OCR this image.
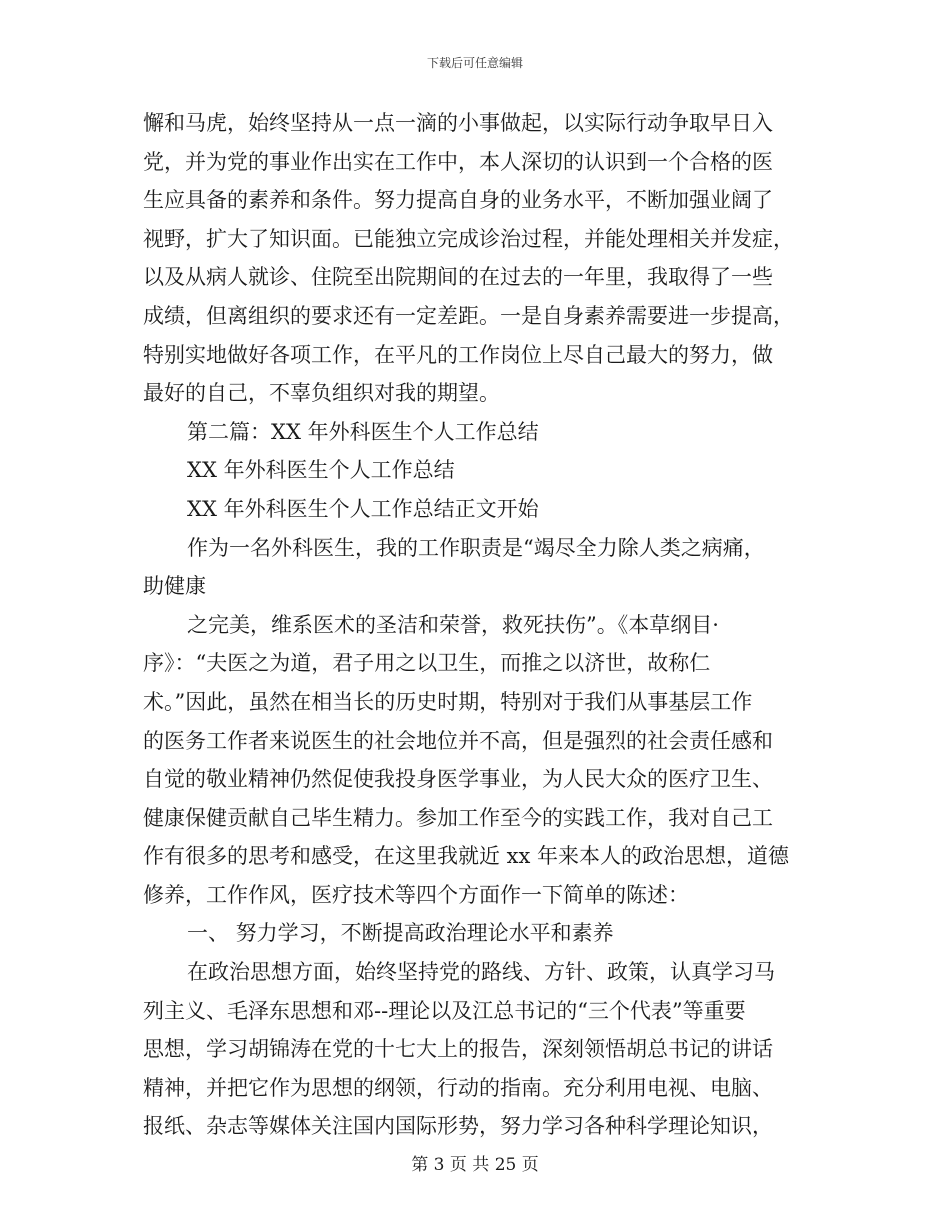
下载后可任意编辑
懈和马虎，始终坚持从一点一滴的小事做起，以实际行动争取早日入
党，并为党的事业作出实在工作中，本人深切的认识到一个合格的医
生应具备的素养和条件。努力提高自身的业务水平，不断加强业阔了
视野，扩大了知识面。已能独立完成诊治过程，并能处理相关并发症，
以及从病人就诊、住院至出院期间的在过去的一年里，我取得了一些
成绩，但离组织的要求还有一定差距。一是自身素养需要进一步提高，
特别实地做好各项工作，在平凡的工作岗位上尽自己最大的努力，做
最好的自己，不辜负组织对我的期望。
第二篇：XX 年外科医生个人工作总结
XX 年外科医生个人工作总结
XX 年外科医生个人工作总结正文开始
作为一名外科医生，我的工作职责是“竭尽全力除人类之病痛，
助健康
之完美，维系医术的圣洁和荣誉，救死扶伤”。《本草纲目·
序》：“夫医之为道，君子用之以卫生，而推之以济世，故称仁
术。”因此，虽然在相当长的历史时期，特别对于我们从事基层工作
的医务工作者来说医生的社会地位并不高，但是强烈的社会责任感和
自觉的敬业精神仍然促使我投身医学事业，为人民大众的医疗卫生、
健康保健贡献自己毕生精力。参加工作至今的实践工作，我对自己工
作有很多的思考和感受，在这里我就近 xx 年来本人的政治思想，道德
修养，工作作风，医疗技术等四个方面作一下简单的陈述：
一、 努力学习，不断提高政治理论水平和素养
在政治思想方面，始终坚持党的路线、方针、政策，认真学习马
列主义、毛泽东思想和邓--理论以及江总书记的“三个代表”等重要
思想，学习胡锦涛在党的十七大上的报告，深刻领悟胡总书记的讲话
精神，并把它作为思想的纲领，行动的指南。充分利用电视、电脑、
报纸、杂志等媒体关注国内国际形势，努力学习各种科学理论知识，
第 3 页 共 25 页
